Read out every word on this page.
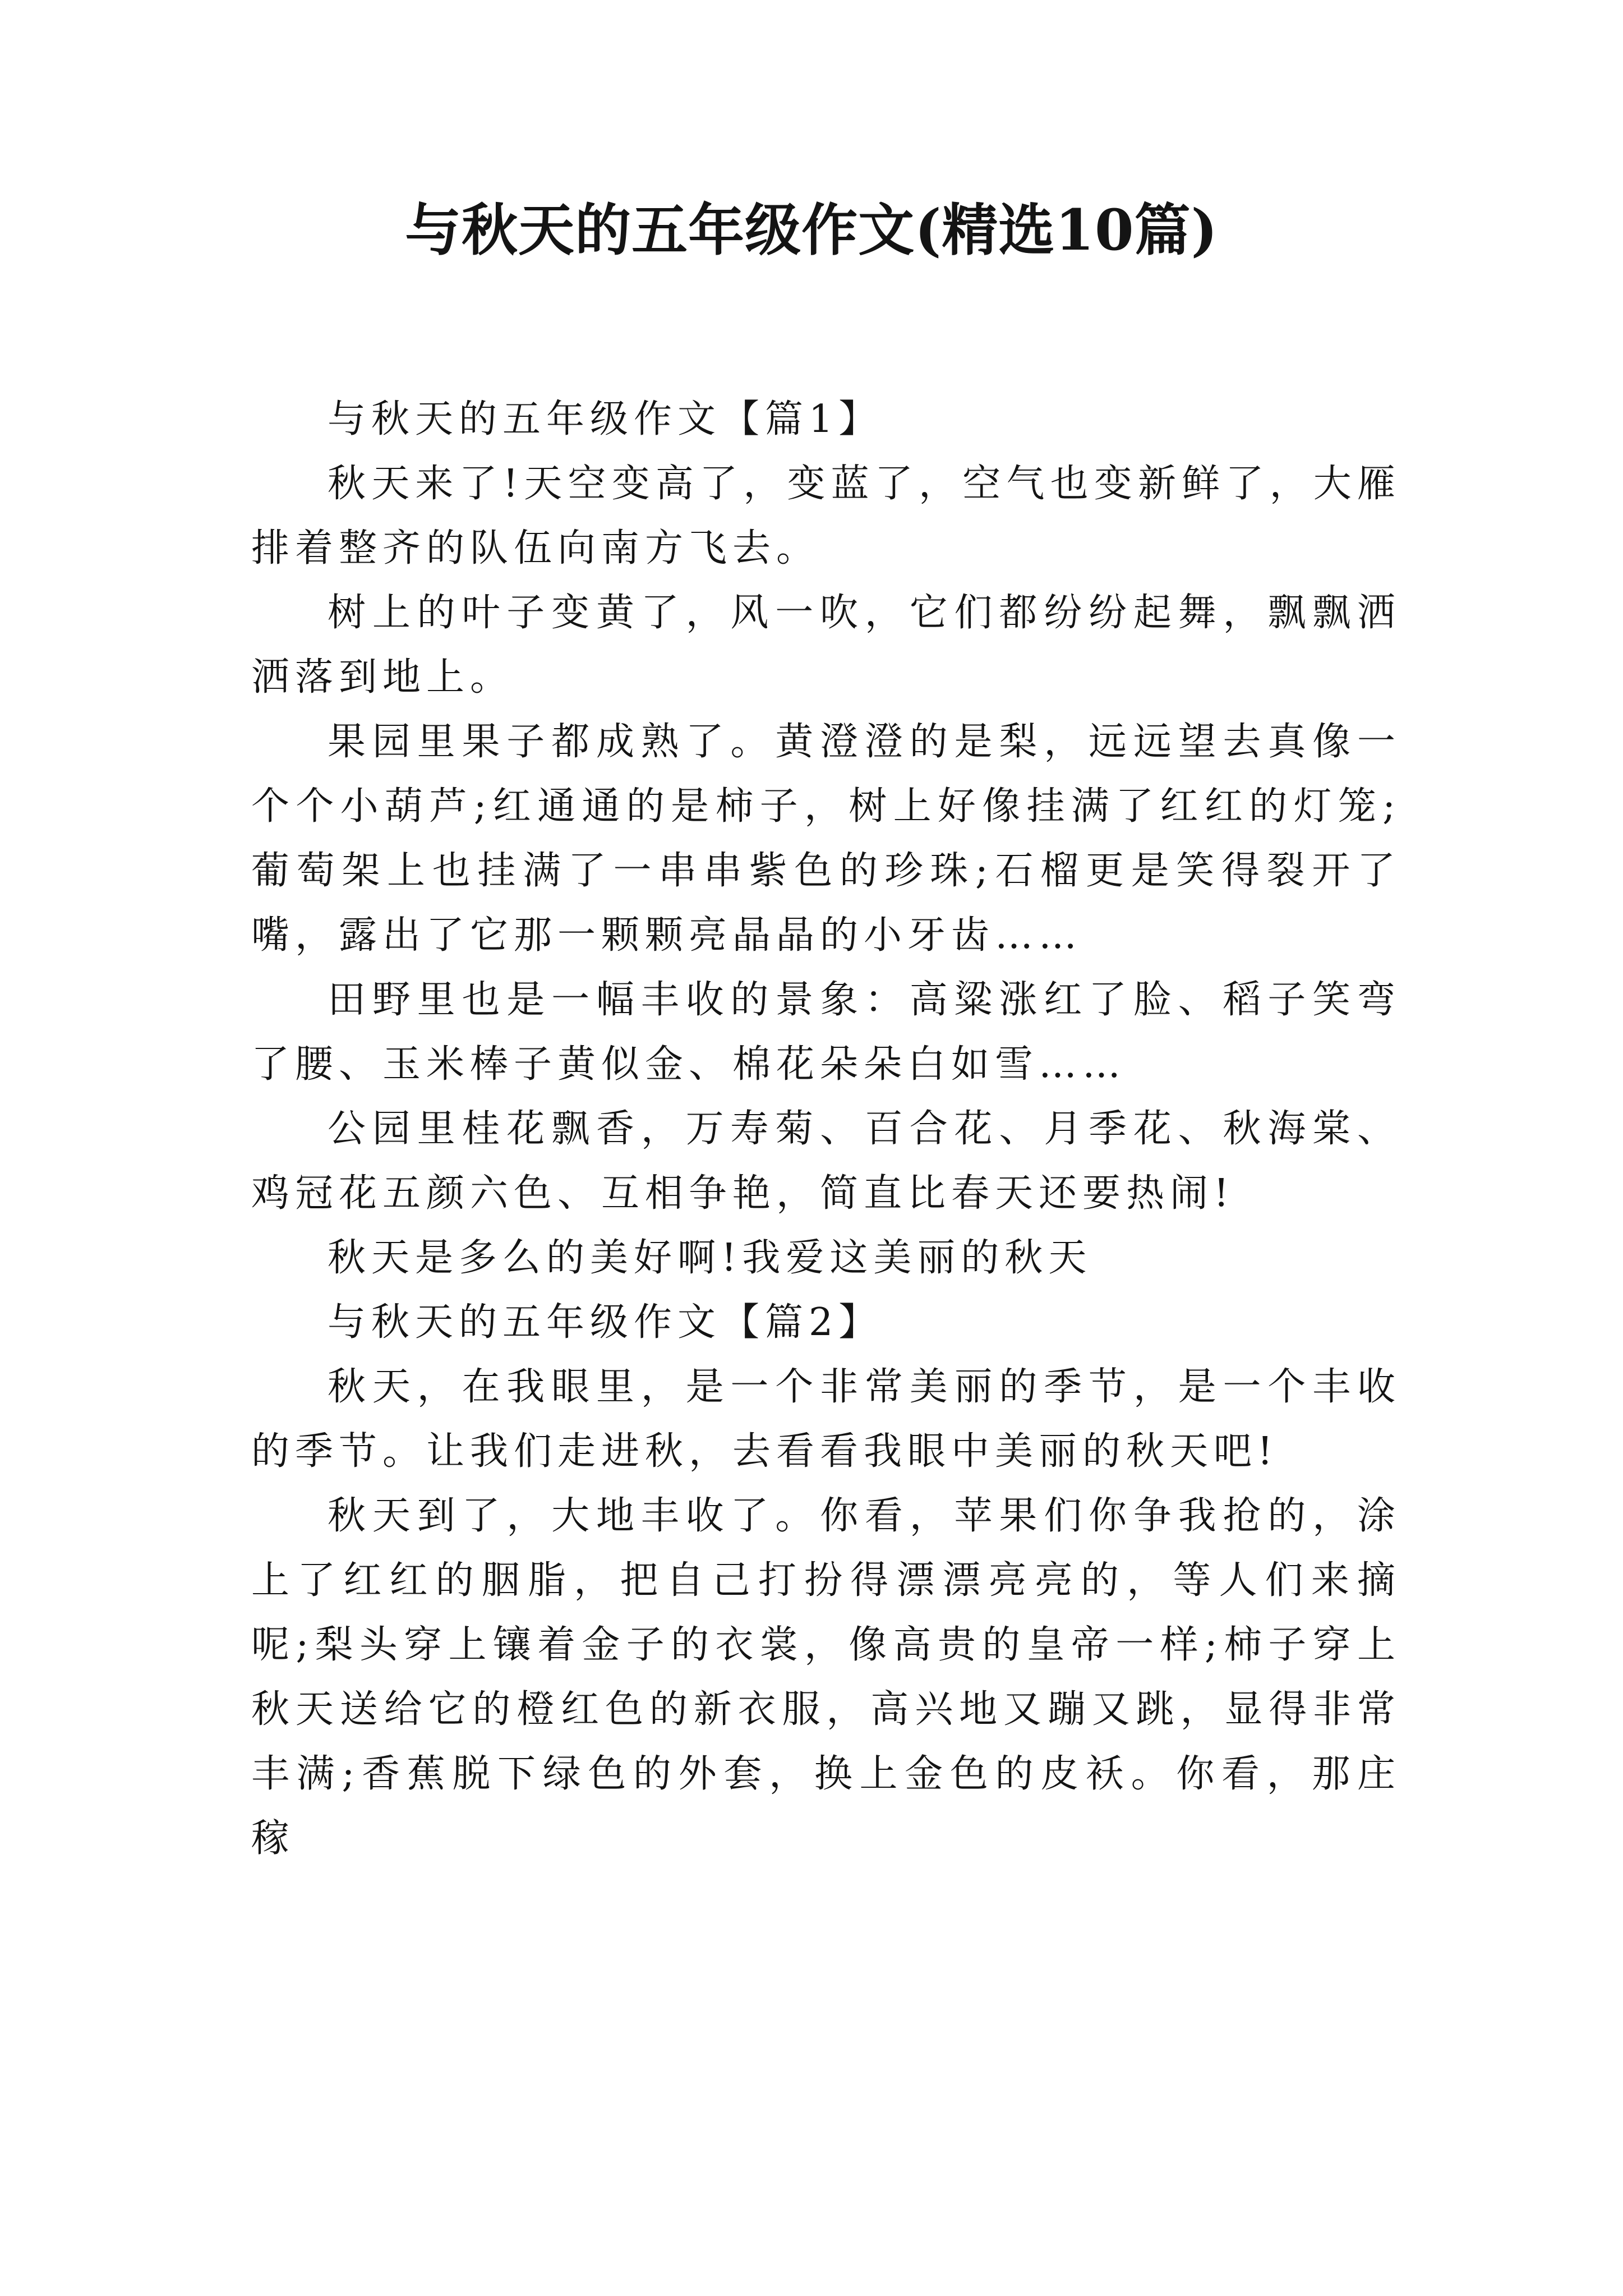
与秋天的五年级作文(精选10篇)

与秋天的五年级作文【篇1】

秋天来了!天空变高了，变蓝了，空气也变新鲜了，大雁排着整齐的队伍向南方飞去。

树上的叶子变黄了，风一吹，它们都纷纷起舞，飘飘洒洒落到地上。

果园里果子都成熟了。黄澄澄的是梨，远远望去真像一个个小葫芦;红通通的是柿子，树上好像挂满了红红的灯笼;葡萄架上也挂满了一串串紫色的珍珠;石榴更是笑得裂开了嘴，露出了它那一颗颗亮晶晶的小牙齿……

田野里也是一幅丰收的景象：高粱涨红了脸、稻子笑弯了腰、玉米棒子黄似金、棉花朵朵白如雪……

公园里桂花飘香，万寿菊、百合花、月季花、秋海棠、鸡冠花五颜六色、互相争艳，简直比春天还要热闹!

秋天是多么的美好啊!我爱这美丽的秋天

与秋天的五年级作文【篇2】

秋天，在我眼里，是一个非常美丽的季节，是一个丰收的季节。让我们走进秋，去看看我眼中美丽的秋天吧!

秋天到了，大地丰收了。你看，苹果们你争我抢的，涂上了红红的胭脂，把自己打扮得漂漂亮亮的，等人们来摘呢;梨头穿上镶着金子的衣裳，像高贵的皇帝一样;柿子穿上秋天送给它的橙红色的新衣服，高兴地又蹦又跳，显得非常丰满;香蕉脱下绿色的外套，换上金色的皮袄。你看，那庄稼
